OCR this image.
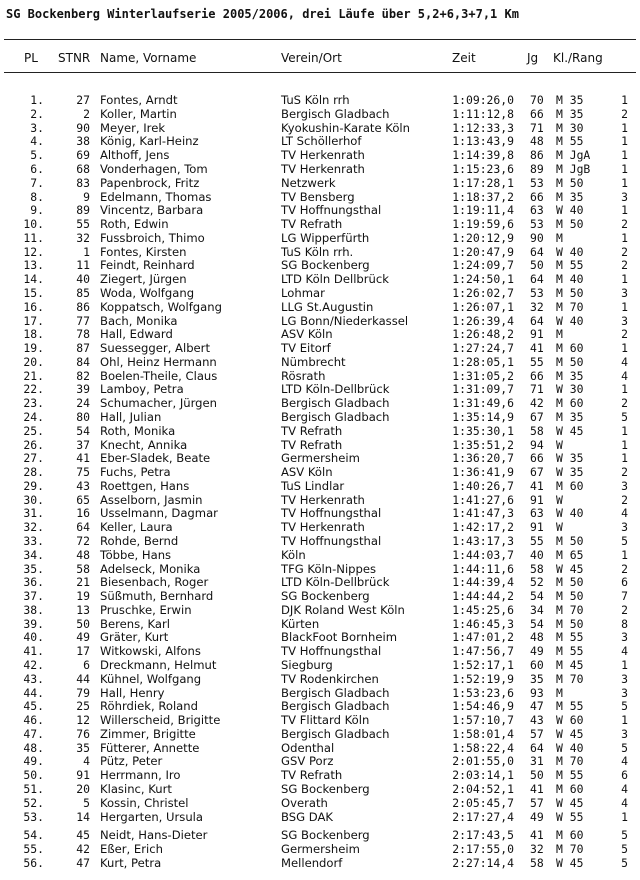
SG Bockenberg Winterlaufserie 2005/2006, drei Läufe über 5,2+6,3+7,1 Km
PL STNR Name, Vorname	Verein/Ort	Zeit	Jg Kl./Rang
1.	27 Fontes, Arndt	TuS Köln rrh	1:09:26,0 70 M 35	1
2.	2 Koller, Martin	Bergisch Gladbach	1:11:12,8 66 M 35	2
3.	90 Meyer, Irek	Kyokushin-Karate Köln	1:12:33,3 71 M 30	1
4.	38 König, Karl-Heinz	LT Schöllerhof	1:13:43,9 48 M 55	1
5.	69 Althoff, Jens	TV Herkenrath	1:14:39,8 86 M JgA	1
6.	68 Vonderhagen, Tom	TV Herkenrath	1:15:23,6 89 M JgB	1
7.	83 Papenbrock, Fritz	Netzwerk	1:17:28,1 53 M 50	1
8.	9 Edelmann, Thomas	TV Bensberg	1:18:37,2 66 M 35	3
9.	89 Vincentz, Barbara	TV Hoffnungsthal	1:19:11,4 63 W 40	1
10.	55 Roth, Edwin	TV Refrath	1:19:59,6 53 M 50	2
11.	32 Fussbroich, Thimo	LG Wipperfürth	1:20:12,9 90 M	1
12.	1 Fontes, Kirsten	TuS Köln rrh.	1:20:47,9 64 W 40	2
13.	11 Feindt, Reinhard	SG Bockenberg	1:24:09,7 50 M 55	2
14.	40 Ziegert, Jürgen	LTD Köln Dellbrück	1:24:50,1 64 M 40	1
15.	85 Woda, Wolfgang	Lohmar	1:26:02,7 53 M 50	3
16.	86 Koppatsch, Wolfgang	LLG St.Augustin	1:26:07,1 32 M 70	1
17.	77 Bach, Monika	LG Bonn/Niederkassel	1:26:39,4 64 W 40	3
18.	78 Hall, Edward	ASV Köln	1:26:48,2 91 M	2
19.	87 Suessegger, Albert	TV Eitorf	1:27:24,7 41 M 60	1
20.	84 Ohl, Heinz Hermann	Nümbrecht	1:28:05,1 55 M 50	4
21.	82 Boelen-Theile, Claus	Rösrath	1:31:05,2 66 M 35	4
22.	39 Lamboy, Petra	LTD Köln-Dellbrück	1:31:09,7 71 W 30	1
23.	24 Schumacher, Jürgen	Bergisch Gladbach	1:31:49,6 42 M 60	2
24.	80 Hall, Julian	Bergisch Gladbach	1:35:14,9 67 M 35	5
25.	54 Roth, Monika	TV Refrath	1:35:30,1 58 W 45	1
26.	37 Knecht, Annika	TV Refrath	1:35:51,2 94 W	1
27.	41 Eber-Sladek, Beate	Germersheim	1:36:20,7 66 W 35	1
28.	75 Fuchs, Petra	ASV Köln	1:36:41,9 67 W 35	2
29.	43 Roettgen, Hans	TuS Lindlar	1:40:26,7 41 M 60	3
30.	65 Asselborn, Jasmin	TV Herkenrath	1:41:27,6 91 W	2
31.	16 Usselmann, Dagmar	TV Hoffnungsthal	1:41:47,3 63 W 40	4
32.	64 Keller, Laura	TV Herkenrath	1:42:17,2 91 W	3
33.	72 Rohde, Bernd	TV Hoffnungsthal	1:43:17,3 55 M 50	5
34.	48 Többe, Hans	Köln	1:44:03,7 40 M 65	1
35.	58 Adelseck, Monika	TFG Köln-Nippes	1:44:11,6 58 W 45	2
36.	21 Biesenbach, Roger	LTD Köln-Dellbrück	1:44:39,4 52 M 50	6
37.	19 Süßmuth, Bernhard	SG Bockenberg	1:44:44,2 54 M 50	7
38.	13 Pruschke, Erwin	DJK Roland West Köln	1:45:25,6 34 M 70	2
39.	50 Berens, Karl	Kürten	1:46:45,3 54 M 50	8
40.	49 Gräter, Kurt	BlackFoot Bornheim	1:47:01,2 48 M 55	3
41.	17 Witkowski, Alfons	TV Hoffnungsthal	1:47:56,7 49 M 55	4
42.	6 Dreckmann, Helmut	Siegburg	1:52:17,1 60 M 45	1
43.	44 Kühnel, Wolfgang	TV Rodenkirchen	1:52:19,9 35 M 70	3
44.	79 Hall, Henry	Bergisch Gladbach	1:53:23,6 93 M	3
45.	25 Röhrdiek, Roland	Bergisch Gladbach	1:54:46,9 47 M 55	5
46.	12 Willerscheid, Brigitte	TV Flittard Köln	1:57:10,7 43 W 60	1
47.	76 Zimmer, Brigitte	Bergisch Gladbach	1:58:01,4 57 W 45	3
48.	35 Fütterer, Annette	Odenthal	1:58:22,4 64 W 40	5
49.	4 Pütz, Peter	GSV Porz	2:01:55,0 31 M 70	4
50.	91 Herrmann, Iro	TV Refrath	2:03:14,1 50 M 55	6
51.	20 Klasinc, Kurt	SG Bockenberg	2:04:52,1 41 M 60	4
52.	5 Kossin, Christel	Overath	2:05:45,7 57 W 45	4
53.	14 Hergarten, Ursula	BSG DAK	2:17:27,4 49 W 55	1
54.	45 Neidt, Hans-Dieter	SG Bockenberg	2:17:43,5 41 M 60	5
55.	42 Eßer, Erich	Germersheim	2:17:55,0 32 M 70	5
56.	47 Kurt, Petra	Mellendorf	2:27:14,4 58 W 45	5
